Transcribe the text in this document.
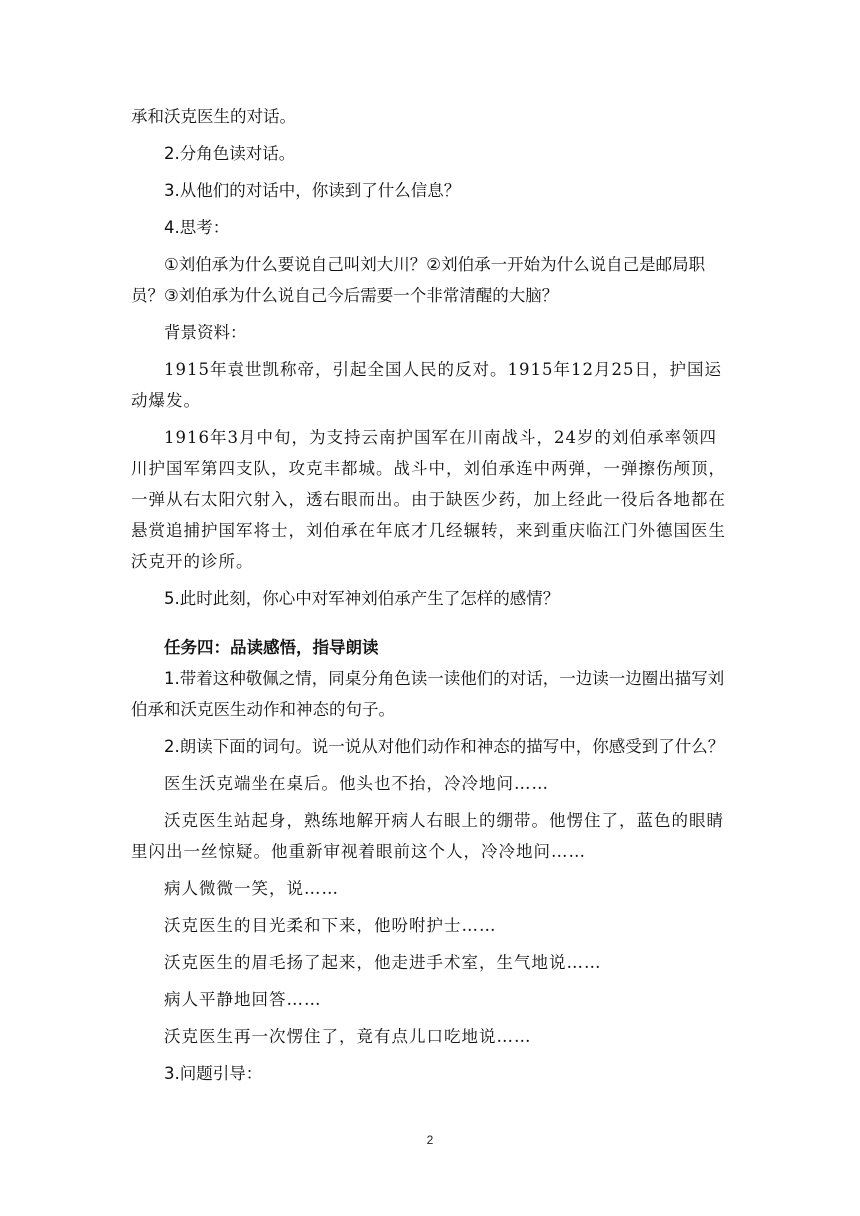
承和沃克医生的对话。

2.分角色读对话。

3.从他们的对话中，你读到了什么信息？

4.思考：

①刘伯承为什么要说自己叫刘大川？②刘伯承一开始为什么说自己是邮局职员？③刘伯承为什么说自己今后需要一个非常清醒的大脑？

背景资料：

1915年袁世凯称帝，引起全国人民的反对。1915年12月25日，护国运动爆发。

1916年3月中旬，为支持云南护国军在川南战斗，24岁的刘伯承率领四川护国军第四支队，攻克丰都城。战斗中，刘伯承连中两弹，一弹擦伤颅顶，一弹从右太阳穴射入，透右眼而出。由于缺医少药，加上经此一役后各地都在悬赏追捕护国军将士，刘伯承在年底才几经辗转，来到重庆临江门外德国医生沃克开的诊所。

5.此时此刻，你心中对军神刘伯承产生了怎样的感情？

任务四：品读感悟，指导朗读

1.带着这种敬佩之情，同桌分角色读一读他们的对话，一边读一边圈出描写刘伯承和沃克医生动作和神态的句子。

2.朗读下面的词句。说一说从对他们动作和神态的描写中，你感受到了什么？

医生沃克端坐在桌后。他头也不抬，冷冷地问……

沃克医生站起身，熟练地解开病人右眼上的绷带。他愣住了，蓝色的眼睛里闪出一丝惊疑。他重新审视着眼前这个人，冷冷地问……

病人微微一笑，说……

沃克医生的目光柔和下来，他吩咐护士……

沃克医生的眉毛扬了起来，他走进手术室，生气地说……

病人平静地回答……

沃克医生再一次愣住了，竟有点儿口吃地说……

3.问题引导：

2
